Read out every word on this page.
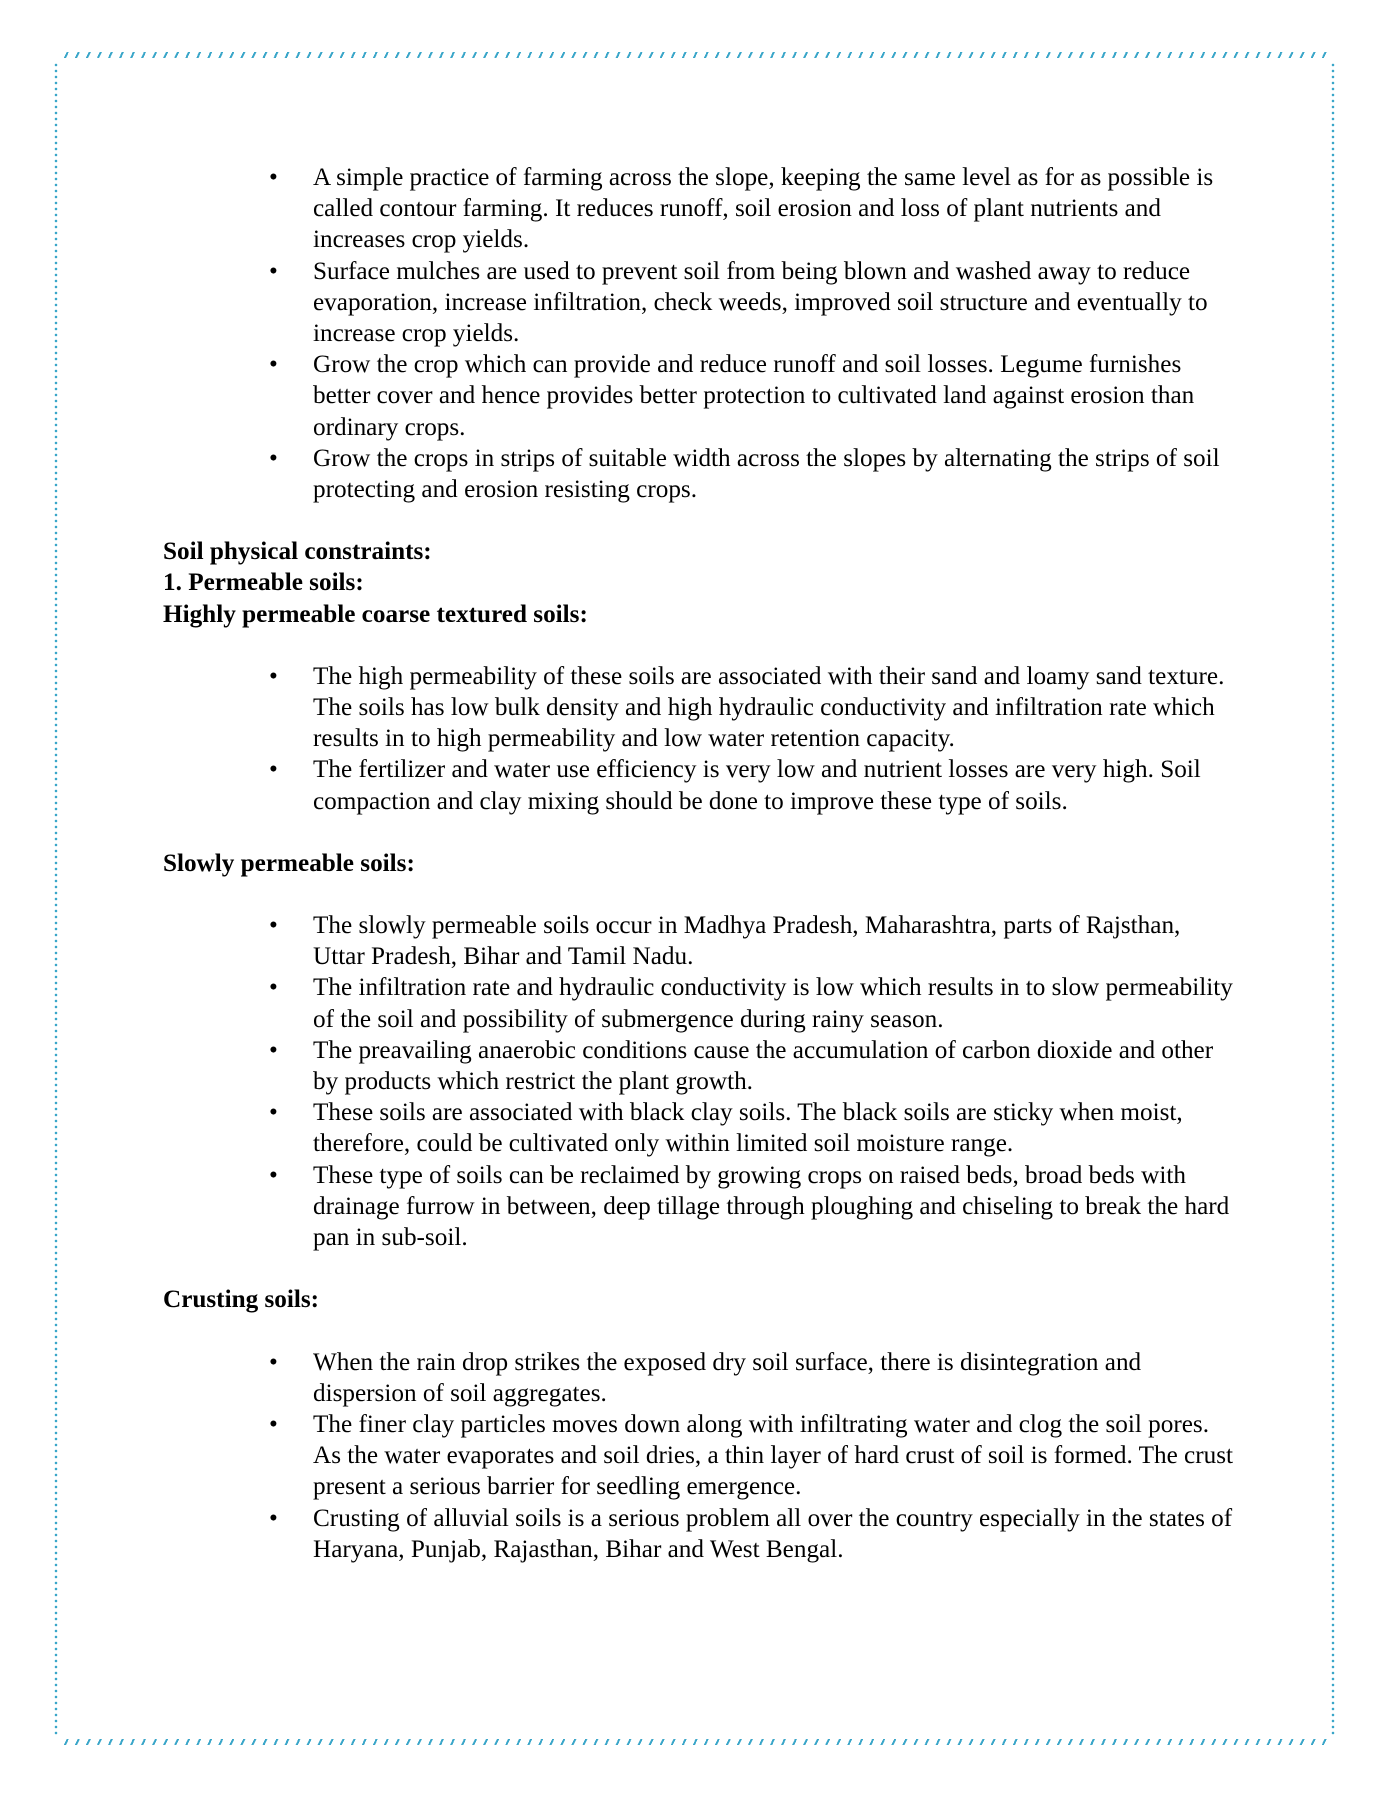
• A simple practice of farming across the slope, keeping the same level as for as possible is called contour farming. It reduces runoff, soil erosion and loss of plant nutrients and increases crop yields.
• Surface mulches are used to prevent soil from being blown and washed away to reduce evaporation, increase infiltration, check weeds, improved soil structure and eventually to increase crop yields.
• Grow the crop which can provide and reduce runoff and soil losses. Legume furnishes better cover and hence provides better protection to cultivated land against erosion than ordinary crops.
• Grow the crops in strips of suitable width across the slopes by alternating the strips of soil protecting and erosion resisting crops.

Soil physical constraints:

1. Permeable soils:

Highly permeable coarse textured soils:

• The high permeability of these soils are associated with their sand and loamy sand texture. The soils has low bulk density and high hydraulic conductivity and infiltration rate which results in to high permeability and low water retention capacity.
• The fertilizer and water use efficiency is very low and nutrient losses are very high. Soil compaction and clay mixing should be done to improve these type of soils.

Slowly permeable soils:

• The slowly permeable soils occur in Madhya Pradesh, Maharashtra, parts of Rajsthan, Uttar Pradesh, Bihar and Tamil Nadu.
• The infiltration rate and hydraulic conductivity is low which results in to slow permeability of the soil and possibility of submergence during rainy season.
• The preavailing anaerobic conditions cause the accumulation of carbon dioxide and other by products which restrict the plant growth.
• These soils are associated with black clay soils. The black soils are sticky when moist, therefore, could be cultivated only within limited soil moisture range.
• These type of soils can be reclaimed by growing crops on raised beds, broad beds with drainage furrow in between, deep tillage through ploughing and chiseling to break the hard pan in sub-soil.

Crusting soils:

• When the rain drop strikes the exposed dry soil surface, there is disintegration and dispersion of soil aggregates.
• The finer clay particles moves down along with infiltrating water and clog the soil pores. As the water evaporates and soil dries, a thin layer of hard crust of soil is formed. The crust present a serious barrier for seedling emergence.
• Crusting of alluvial soils is a serious problem all over the country especially in the states of Haryana, Punjab, Rajasthan, Bihar and West Bengal.
